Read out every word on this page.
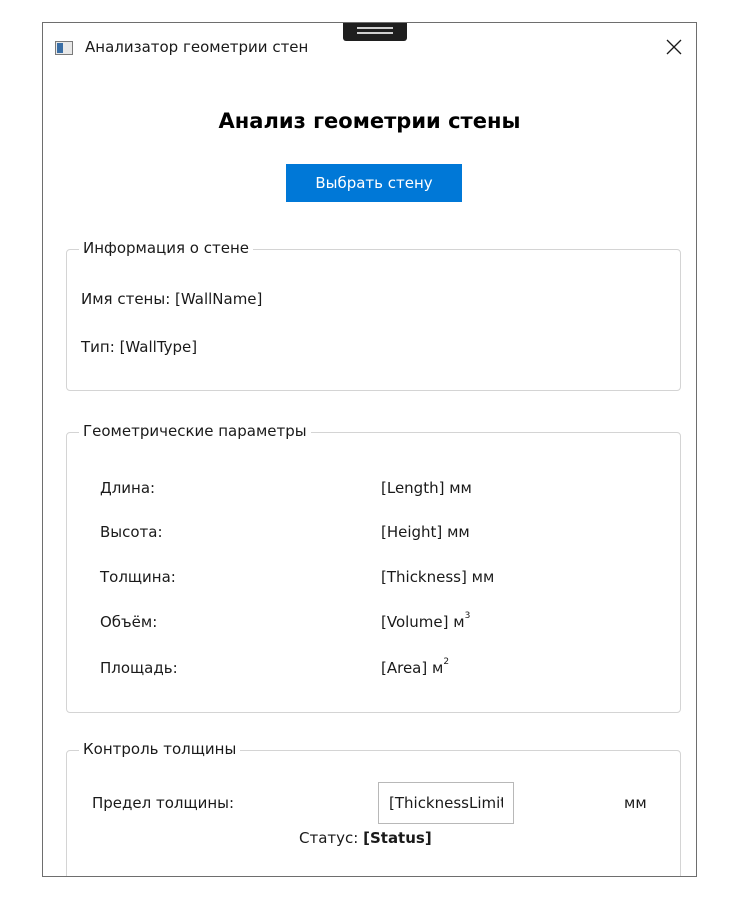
Анализатор геометрии стен
Анализ геометрии стены
Выбрать стену
Информация о стене
Имя стены: [WallName]
Тип: [WallType]
Геометрические параметры
Длина:	[Length] мм
Высота:	[Height] мм
Толщина:	[Thickness] мм
Объём:	[Volume] $м^3$
Площадь:	[Area] $м^2$
Контроль толщины
Предел толщины:
[ThicknessLimit]	мм
Статус: [Status]
